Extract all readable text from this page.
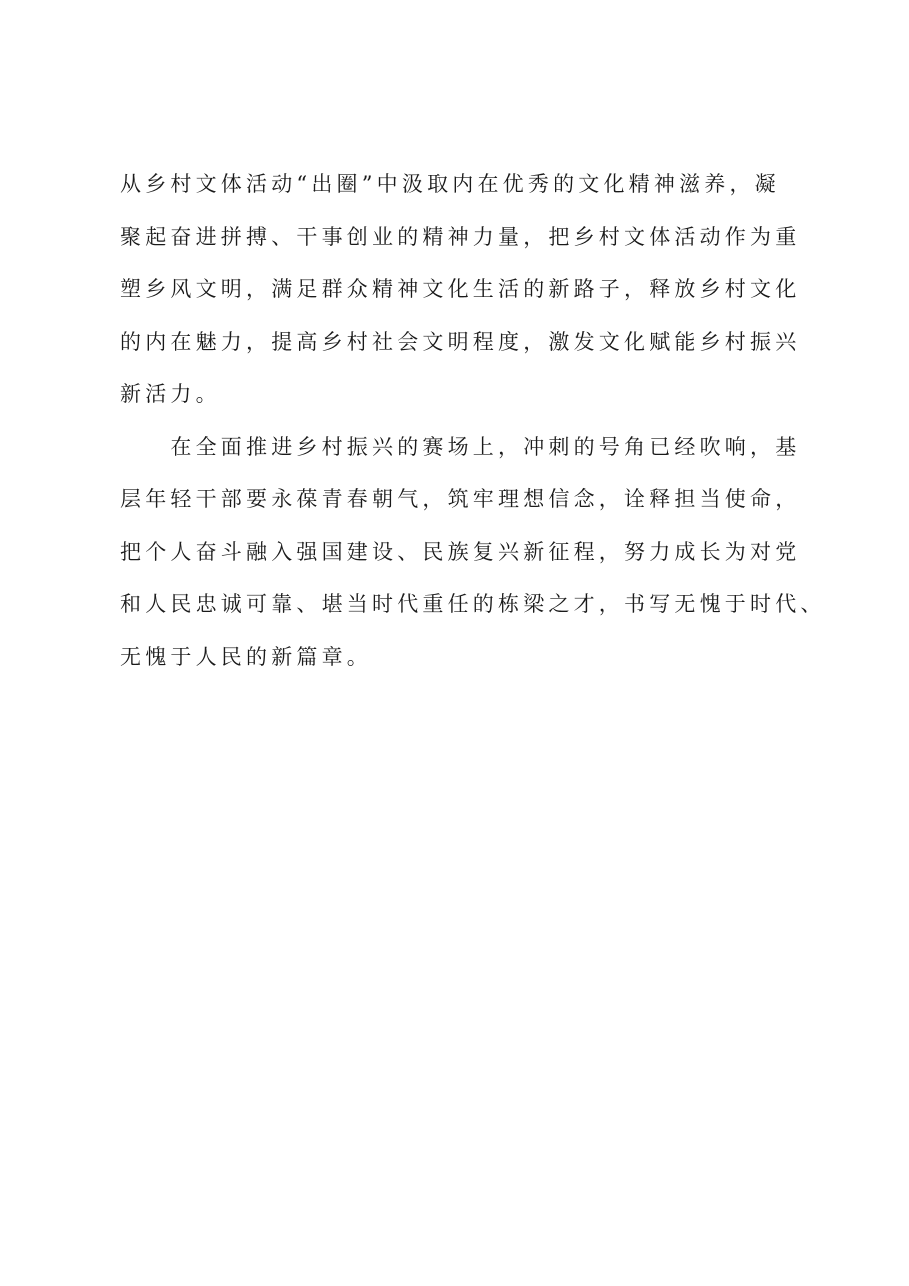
从乡村文体活动“出圈”中汲取内在优秀的文化精神滋养，凝
聚起奋进拼搏、干事创业的精神力量，把乡村文体活动作为重
塑乡风文明，满足群众精神文化生活的新路子，释放乡村文化
的内在魅力，提高乡村社会文明程度，激发文化赋能乡村振兴
新活力。
　　在全面推进乡村振兴的赛场上，冲刺的号角已经吹响，基
层年轻干部要永葆青春朝气，筑牢理想信念，诠释担当使命，
把个人奋斗融入强国建设、民族复兴新征程，努力成长为对党
和人民忠诚可靠、堪当时代重任的栋梁之才，书写无愧于时代、
无愧于人民的新篇章。
